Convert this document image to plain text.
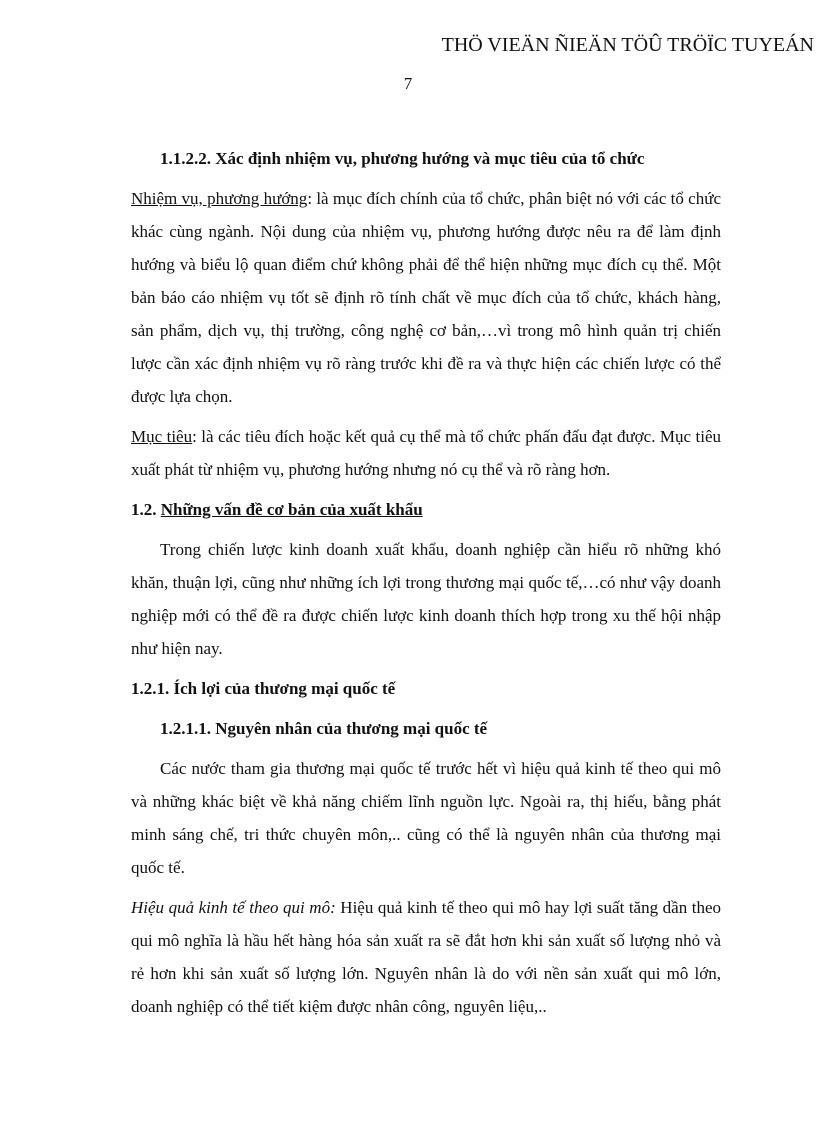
THÖ VIEÄN ÑIEÄN TÖÛ TRÖÏC TUYEÁN
7

1.1.2.2. Xác định nhiệm vụ, phương hướng và mục tiêu của tổ chức

Nhiệm vụ, phương hướng: là mục đích chính của tổ chức, phân biệt nó với các tổ chức khác cùng ngành. Nội dung của nhiệm vụ, phương hướng được nêu ra để làm định hướng và biểu lộ quan điểm chứ không phải để thể hiện những mục đích cụ thể. Một bản báo cáo nhiệm vụ tốt sẽ định rõ tính chất về mục đích của tổ chức, khách hàng, sản phẩm, dịch vụ, thị trường, công nghệ cơ bản,…vì trong mô hình quản trị chiến lược cần xác định nhiệm vụ rõ ràng trước khi đề ra và thực hiện các chiến lược có thể được lựa chọn.

Mục tiêu: là các tiêu đích hoặc kết quả cụ thể mà tổ chức phấn đấu đạt được. Mục tiêu xuất phát từ nhiệm vụ, phương hướng nhưng nó cụ thể và rõ ràng hơn.

1.2. Những vấn đề cơ bản của xuất khẩu

Trong chiến lược kinh doanh xuất khẩu, doanh nghiệp cần hiểu rõ những khó khăn, thuận lợi, cũng như những ích lợi trong thương mại quốc tế,…có như vậy doanh nghiệp mới có thể đề ra được chiến lược kinh doanh thích hợp trong xu thế hội nhập như hiện nay.

1.2.1. Ích lợi của thương mại quốc tế

1.2.1.1. Nguyên nhân của thương mại quốc tế

Các nước tham gia thương mại quốc tế trước hết vì hiệu quả kinh tế theo qui mô và những khác biệt về khả năng chiếm lĩnh nguồn lực. Ngoài ra, thị hiếu, bằng phát minh sáng chế, tri thức chuyên môn,.. cũng có thể là nguyên nhân của thương mại quốc tế.

Hiệu quả kinh tế theo qui mô: Hiệu quả kinh tế theo qui mô hay lợi suất tăng dần theo qui mô nghĩa là hầu hết hàng hóa sản xuất ra sẽ đắt hơn khi sản xuất số lượng nhỏ và rẻ hơn khi sản xuất số lượng lớn. Nguyên nhân là do với nền sản xuất qui mô lớn, doanh nghiệp có thể tiết kiệm được nhân công, nguyên liệu,..
